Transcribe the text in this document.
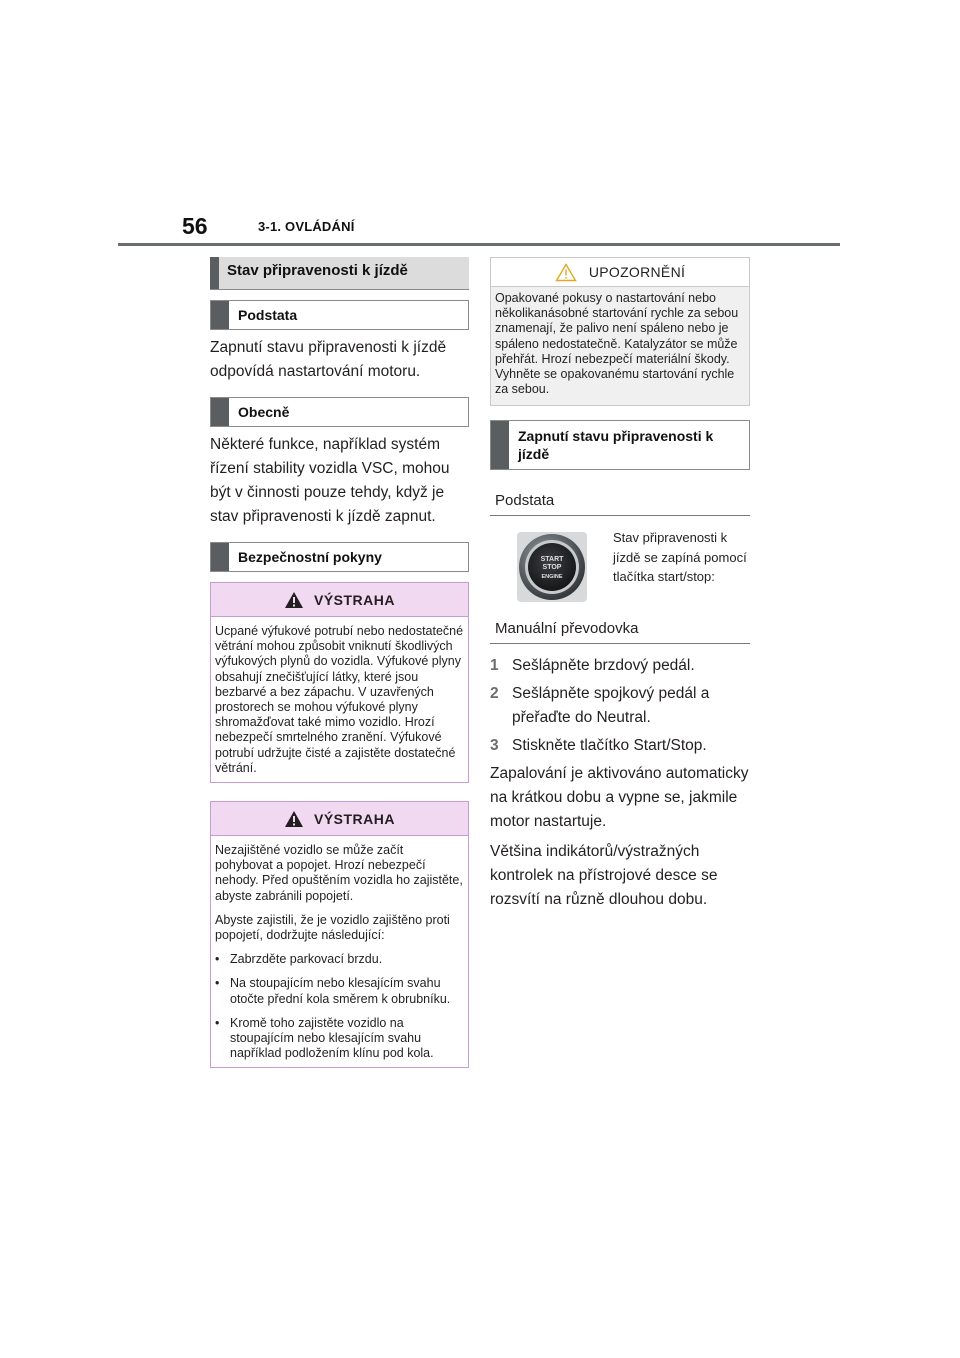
56	3-1. OVLÁDÁNÍ
Stav připravenosti k jízdě
Podstata

Zapnutí stavu připravenosti k jízdě odpovídá nastartování motoru.

Obecně

Některé funkce, například systém řízení stability vozidla VSC, mohou být v činnosti pouze tehdy, když je stav připravenosti k jízdě zapnut.

Bezpečnostní pokyny
VÝSTRAHA

Ucpané výfukové potrubí nebo nedostatečné větrání mohou způsobit vniknutí škodlivých výfukových plynů do vozidla. Výfukové plyny obsahují znečišťující látky, které jsou bezbarvé a bez zápachu. V uzavřených prostorech se mohou výfukové plyny shromažďovat také mimo vozidlo. Hrozí nebezpečí smrtelného zranění. Výfukové potrubí udržujte čisté a zajistěte dostatečné větrání.

VÝSTRAHA

Nezajištěné vozidlo se může začít pohybovat a popojet. Hrozí nebezpečí nehody. Před opuštěním vozidla ho zajistěte, abyste zabránili popojetí.

Abyste zajistili, že je vozidlo zajištěno proti popojetí, dodržujte následující:

• Zabrzděte parkovací brzdu.
• Na stoupajícím nebo klesajícím svahu otočte přední kola směrem k obrubníku.
• Kromě toho zajistěte vozidlo na stoupajícím nebo klesajícím svahu například podložením klínu pod kola.
UPOZORNĚNÍ
Opakované pokusy o nastartování nebo několikanásobné startování rychle za sebou znamenají, že palivo není spáleno nebo je spáleno nedostatečně. Katalyzátor se může přehřát. Hrozí nebezpečí materiální škody. Vyhněte se opakovanému startování rychle za sebou.
Zapnutí stavu připravenosti k jízdě
Podstata
START
STOP
ENGINE
Stav připravenosti k jízdě se zapíná pomocí tlačítka start/stop:
Manuální převodovka
1 Sešlápněte brzdový pedál.
2 Sešlápněte spojkový pedál a přeřaďte do Neutral.
3 Stiskněte tlačítko Start/Stop.

Zapalování je aktivováno automaticky na krátkou dobu a vypne se, jakmile motor nastartuje.

Většina indikátorů/výstražných kontrolek na přístrojové desce se rozsvítí na různě dlouhou dobu.
